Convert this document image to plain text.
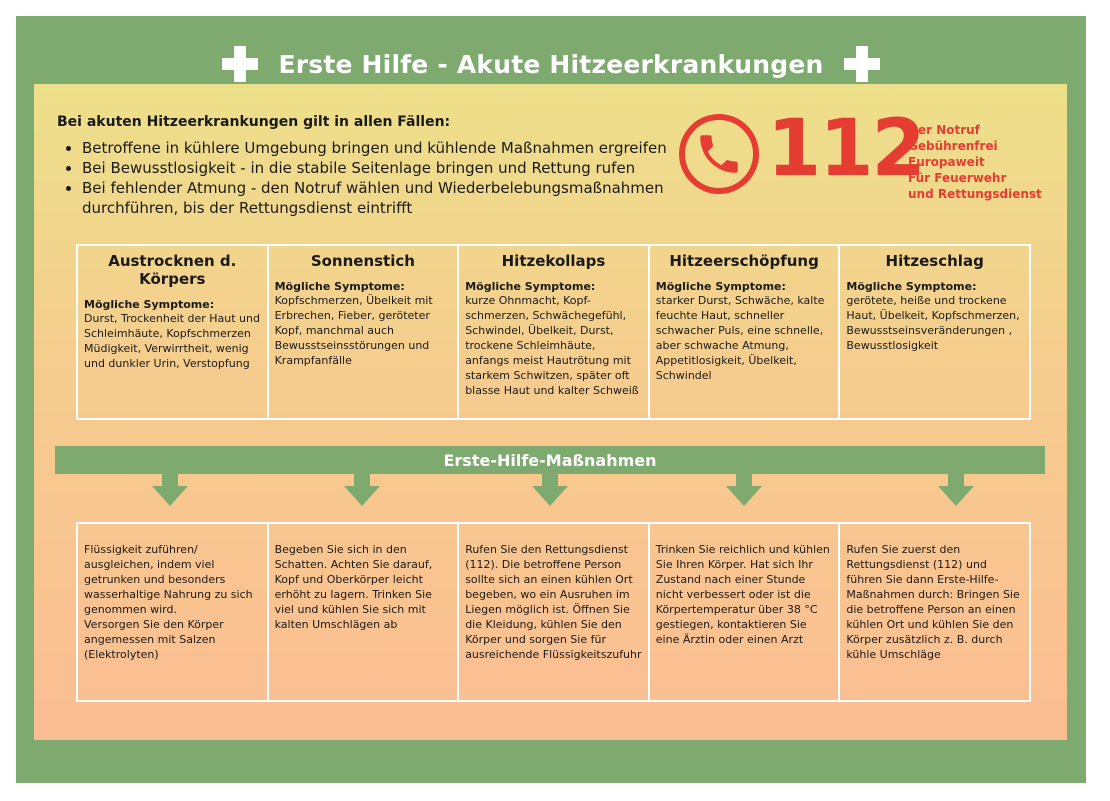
Erste Hilfe - Akute Hitzeerkrankungen
Bei akuten Hitzeerkrankungen gilt in allen Fällen:
• Betroffene in kühlere Umgebung bringen und kühlende Maßnahmen ergreifen
• Bei Bewusstlosigkeit - in die stabile Seitenlage bringen und Rettung rufen
• Bei fehlender Atmung - den Notruf wählen und Wiederbelebungsmaßnahmen durchführen, bis der Rettungsdienst eintrifft
112
Der Notruf
Gebührenfrei
Europaweit
Für Feuerwehr
und Rettungsdienst
Austrocknen d. Körpers
Mögliche Symptome:
Durst, Trockenheit der Haut und Schleimhäute, Kopfschmerzen Müdigkeit, Verwirrtheit, wenig und dunkler Urin, Verstopfung
Sonnenstich
Mögliche Symptome:
Kopfschmerzen, Übelkeit mit Erbrechen, Fieber, geröteter Kopf, manchmal auch Bewusstseinsstörungen und Krampfanfälle
Hitzekollaps
Mögliche Symptome:
kurze Ohnmacht, Kopf-schmerzen, Schwächegefühl, Schwindel, Übelkeit, Durst, trockene Schleimhäute, anfangs meist Hautrötung mit starkem Schwitzen, später oft blasse Haut und kalter Schweiß
Hitzeerschöpfung
Mögliche Symptome:
starker Durst, Schwäche, kalte feuchte Haut, schneller schwacher Puls, eine schnelle, aber schwache Atmung, Appetitlosigkeit, Übelkeit, Schwindel
Hitzeschlag
Mögliche Symptome:
gerötete, heiße und trockene Haut, Übelkeit, Kopfschmerzen, Bewusstseinsveränderungen , Bewusstlosigkeit
Erste-Hilfe-Maßnahmen
Flüssigkeit zuführen/ ausgleichen, indem viel getrunken und besonders wasserhaltige Nahrung zu sich genommen wird.
Versorgen Sie den Körper angemessen mit Salzen (Elektrolyten)
Begeben Sie sich in den Schatten. Achten Sie darauf, Kopf und Oberkörper leicht erhöht zu lagern. Trinken Sie viel und kühlen Sie sich mit kalten Umschlägen ab
Rufen Sie den Rettungsdienst (112). Die betroffene Person sollte sich an einen kühlen Ort begeben, wo ein Ausruhen im Liegen möglich ist. Öffnen Sie die Kleidung, kühlen Sie den Körper und sorgen Sie für ausreichende Flüssigkeitszufuhr
Trinken Sie reichlich und kühlen Sie Ihren Körper. Hat sich Ihr Zustand nach einer Stunde nicht verbessert oder ist die Körpertemperatur über 38 °C gestiegen, kontaktieren Sie eine Ärztin oder einen Arzt
Rufen Sie zuerst den Rettungsdienst (112) und führen Sie dann Erste-Hilfe-Maßnahmen durch: Bringen Sie die betroffene Person an einen kühlen Ort und kühlen Sie den Körper zusätzlich z. B. durch kühle Umschläge
